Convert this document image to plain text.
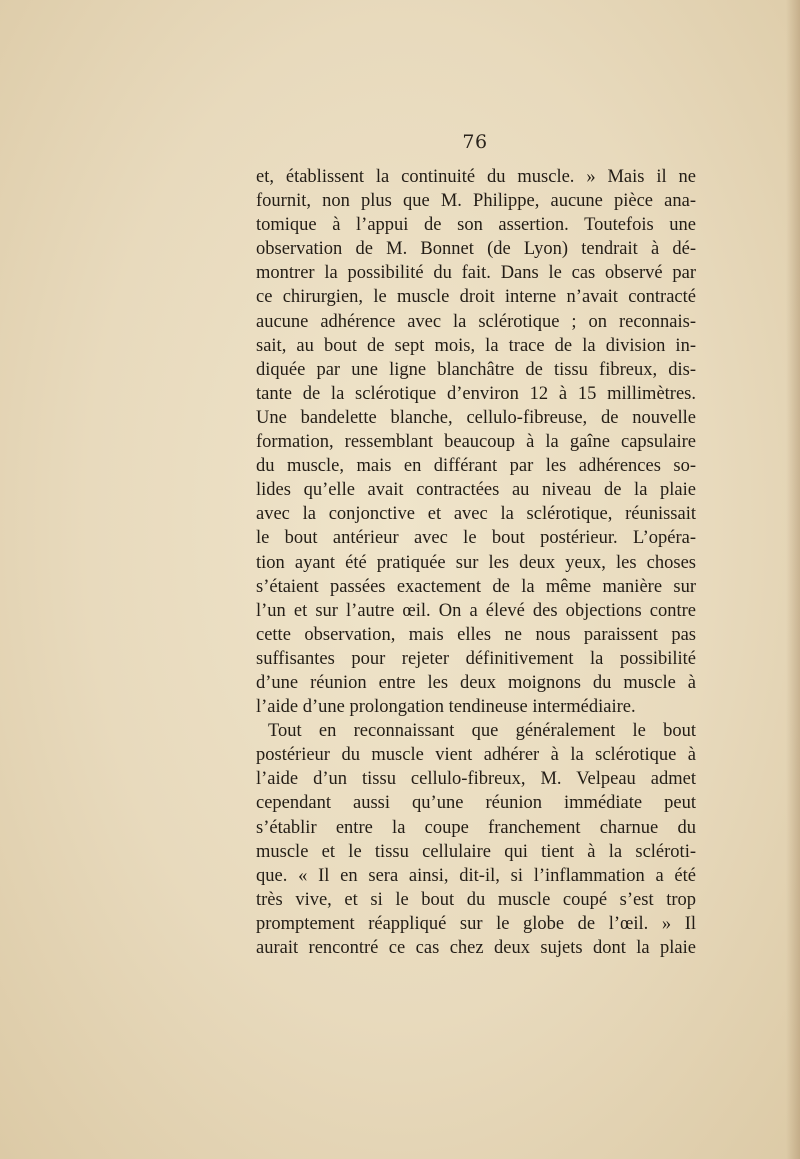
76
et, établissent la continuité du muscle. » Mais il ne
fournit, non plus que M. Philippe, aucune pièce ana-
tomique à l’appui de son assertion. Toutefois une
observation de M. Bonnet (de Lyon) tendrait à dé-
montrer la possibilité du fait. Dans le cas observé par
ce chirurgien, le muscle droit interne n’avait contracté
aucune adhérence avec la sclérotique ; on reconnais-
sait, au bout de sept mois, la trace de la division in-
diquée par une ligne blanchâtre de tissu fibreux, dis-
tante de la sclérotique d’environ 12 à 15 millimètres.
Une bandelette blanche, cellulo-fibreuse, de nouvelle
formation, ressemblant beaucoup à la gaîne capsulaire
du muscle, mais en différant par les adhérences so-
lides qu’elle avait contractées au niveau de la plaie
avec la conjonctive et avec la sclérotique, réunissait
le bout antérieur avec le bout postérieur. L’opéra-
tion ayant été pratiquée sur les deux yeux, les choses
s’étaient passées exactement de la même manière sur
l’un et sur l’autre œil. On a élevé des objections contre
cette observation, mais elles ne nous paraissent pas
suffisantes pour rejeter définitivement la possibilité
d’une réunion entre les deux moignons du muscle à
l’aide d’une prolongation tendineuse intermédiaire.
Tout en reconnaissant que généralement le bout
postérieur du muscle vient adhérer à la sclérotique à
l’aide d’un tissu cellulo-fibreux, M. Velpeau admet
cependant aussi qu’une réunion immédiate peut
s’établir entre la coupe franchement charnue du
muscle et le tissu cellulaire qui tient à la scléroti-
que. « Il en sera ainsi, dit-il, si l’inflammation a été
très vive, et si le bout du muscle coupé s’est trop
promptement réappliqué sur le globe de l’œil. » Il
aurait rencontré ce cas chez deux sujets dont la plaie
